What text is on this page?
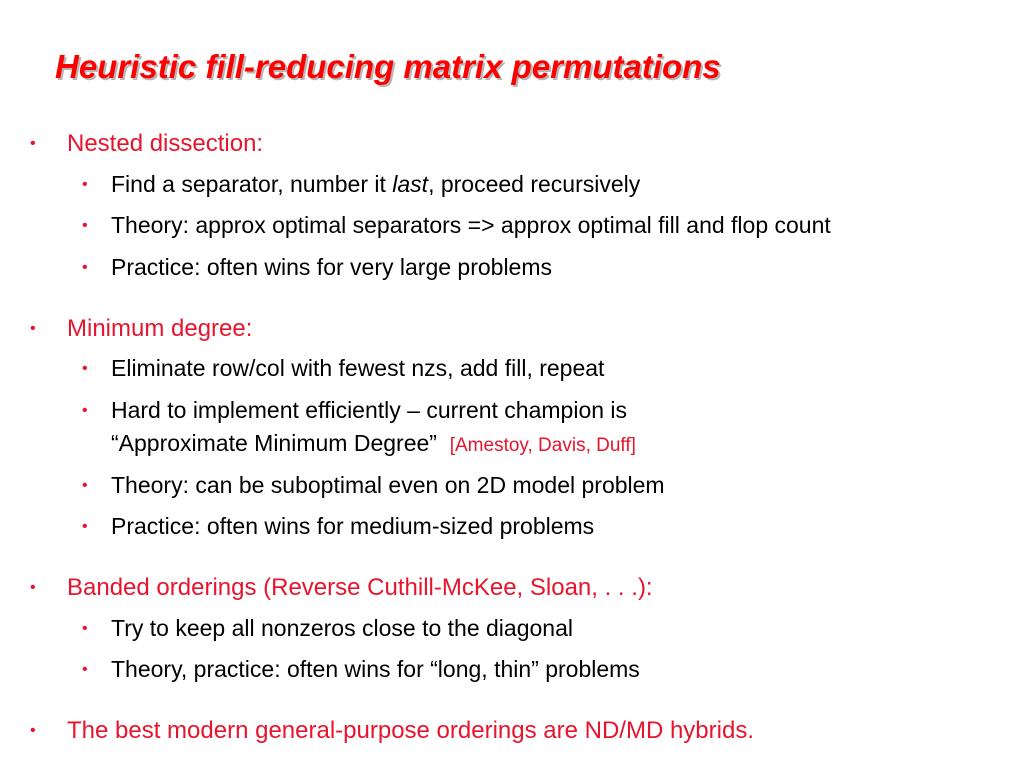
Heuristic fill-reducing matrix permutations
• Nested dissection:
• Find a separator, number it last, proceed recursively
• Theory: approx optimal separators => approx optimal fill and flop count
• Practice: often wins for very large problems
• Minimum degree:
• Eliminate row/col with fewest nzs, add fill, repeat
• Hard to implement efficiently – current champion is
“Approximate Minimum Degree” [Amestoy, Davis, Duff]
• Theory: can be suboptimal even on 2D model problem
• Practice: often wins for medium-sized problems
• Banded orderings (Reverse Cuthill-McKee, Sloan, . . .):
• Try to keep all nonzeros close to the diagonal
• Theory, practice: often wins for “long, thin” problems
• The best modern general-purpose orderings are ND/MD hybrids.
